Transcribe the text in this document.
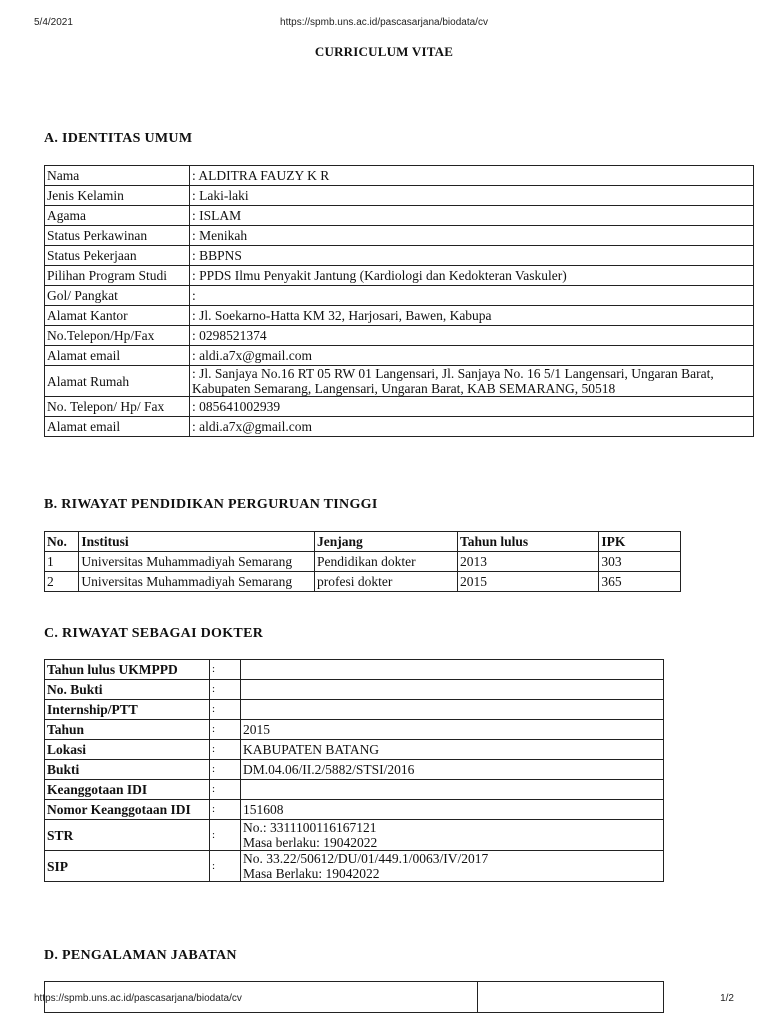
5/4/2021	https://spmb.uns.ac.id/pascasarjana/biodata/cv
CURRICULUM VITAE
A. IDENTITAS UMUM
Nama	: ALDITRA FAUZY K R
Jenis Kelamin	: Laki-laki
Agama	: ISLAM
Status Perkawinan	: Menikah
Status Pekerjaan	: BBPNS
Pilihan Program Studi	: PPDS Ilmu Penyakit Jantung (Kardiologi dan Kedokteran Vaskuler)
Gol/ Pangkat	:
Alamat Kantor	: Jl. Soekarno-Hatta KM 32, Harjosari, Bawen, Kabupa
No.Telepon/Hp/Fax	: 0298521374
Alamat email	: aldi.a7x@gmail.com
Alamat Rumah	: Jl. Sanjaya No.16 RT 05 RW 01 Langensari, Jl. Sanjaya No. 16 5/1 Langensari, Ungaran Barat, Kabupaten Semarang, Langensari, Ungaran Barat, KAB SEMARANG, 50518
No. Telepon/ Hp/ Fax	: 085641002939
Alamat email	: aldi.a7x@gmail.com
B. RIWAYAT PENDIDIKAN PERGURUAN TINGGI
No.	Institusi	Jenjang	Tahun lulus	IPK
1	Universitas Muhammadiyah Semarang	Pendidikan dokter	2013	303
2	Universitas Muhammadiyah Semarang	profesi dokter	2015	365
C. RIWAYAT SEBAGAI DOKTER
Tahun lulus UKMPPD	:	

No. Bukti	:	

Internship/PTT	:	

Tahun	:	2015

Lokasi	:	KABUPATEN BATANG

Bukti	:	DM.04.06/II.2/5882/STSI/2016

Keanggotaan IDI	:	

Nomor Keanggotaan IDI	:	151608

STR	:	No.: 3311100116167121
Masa berlaku: 19042022

SIP	:	No. 33.22/50612/DU/01/449.1/0063/IV/2017
Masa Berlaku: 19042022
D. PENGALAMAN JABATAN

https://spmb.uns.ac.id/pascasarjana/biodata/cv	1/2
